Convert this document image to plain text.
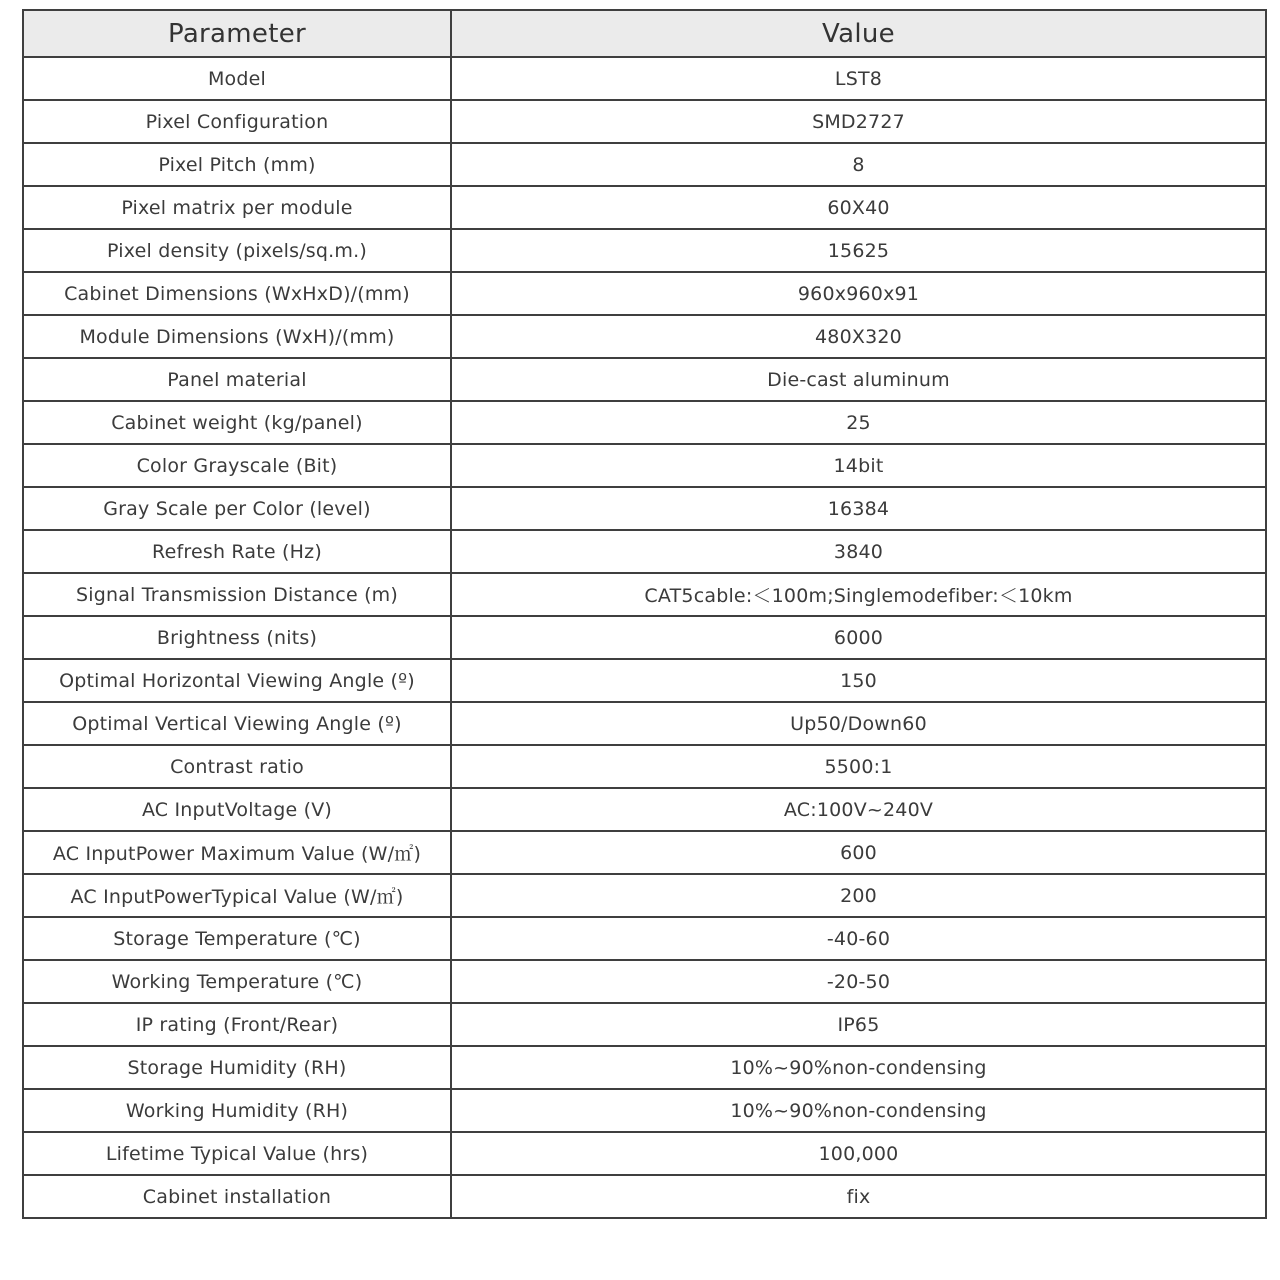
Parameter	Value
Model	LST8
Pixel Configuration	SMD2727
Pixel Pitch (mm)	8
Pixel matrix per module	60X40
Pixel density (pixels/sq.m.)	15625
Cabinet Dimensions (WxHxD)/(mm)	960x960x91
Module Dimensions (WxH)/(mm)	480X320
Panel material	Die-cast aluminum
Cabinet weight (kg/panel)	25
Color Grayscale (Bit)	14bit
Gray Scale per Color (level)	16384
Refresh Rate (Hz)	3840
Signal Transmission Distance (m)	CAT5cable:＜100m;Singlemodefiber:＜10km
Brightness (nits)	6000
Optimal Horizontal Viewing Angle (º)	150
Optimal Vertical Viewing Angle (º)	Up50/Down60
Contrast ratio	5500:1
AC InputVoltage (V)	AC:100V~240V
AC InputPower Maximum Value (W/㎡)	600
AC InputPowerTypical Value (W/㎡)	200
Storage Temperature (℃)	-40-60
Working Temperature (℃)	-20-50
IP rating (Front/Rear)	IP65
Storage Humidity (RH)	10%~90%non-condensing
Working Humidity (RH)	10%~90%non-condensing
Lifetime Typical Value (hrs)	100,000
Cabinet installation	fix
